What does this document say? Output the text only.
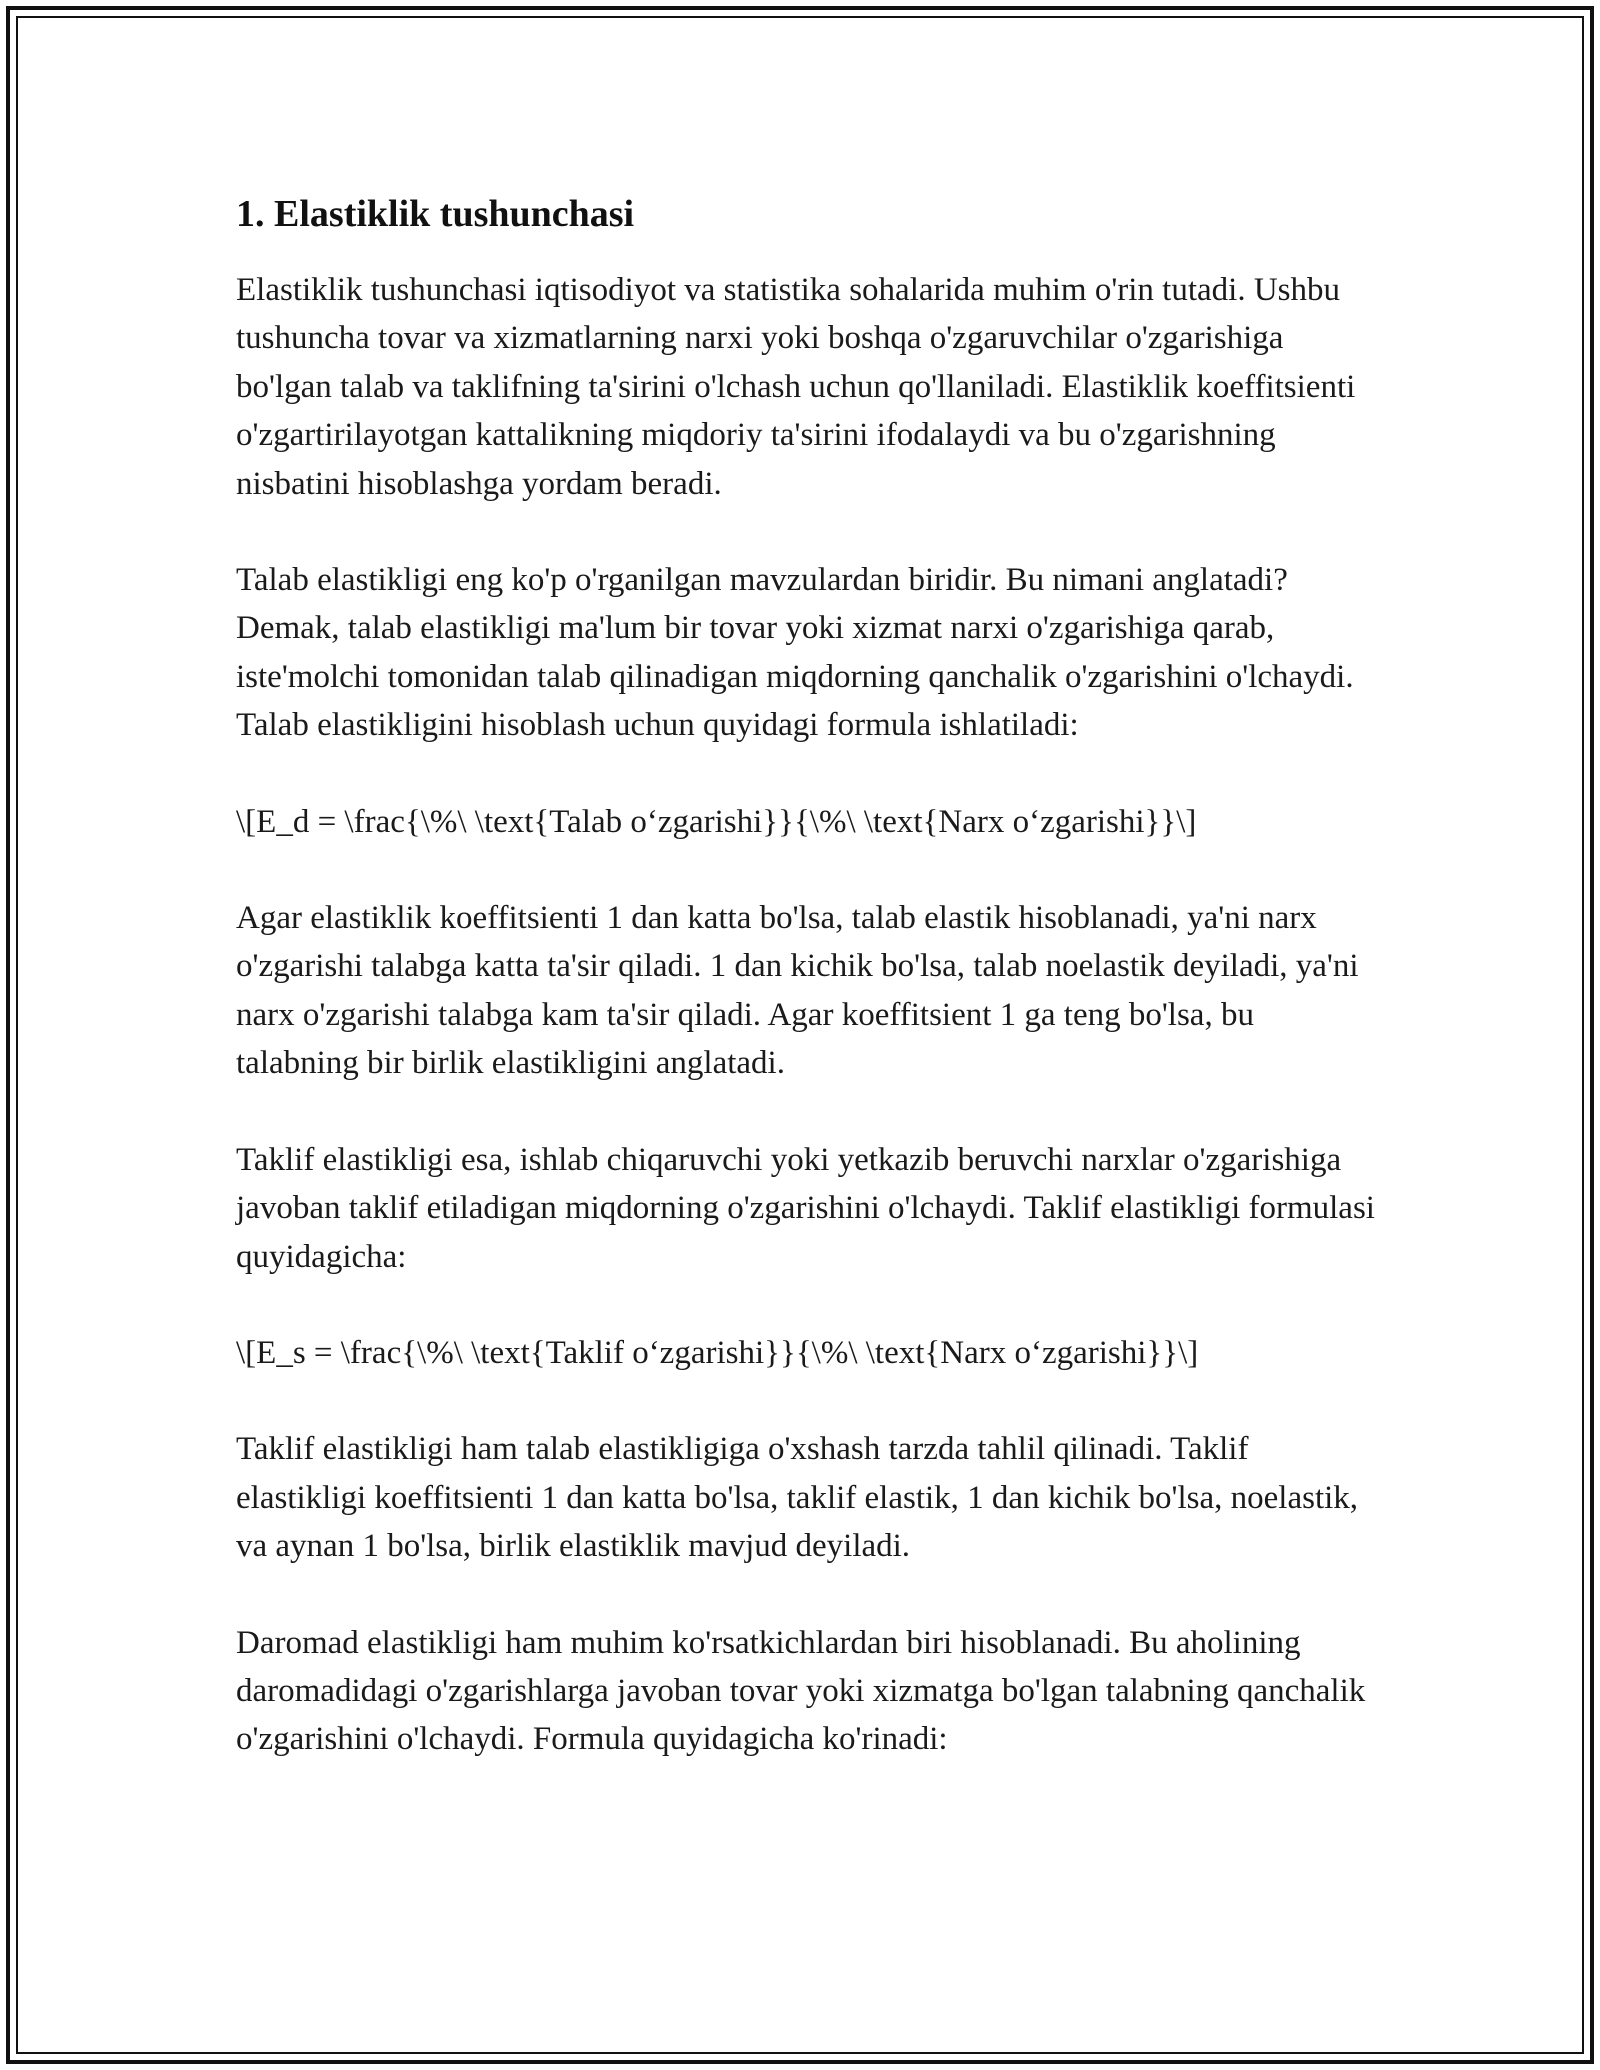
1. Elastiklik tushunchasi

Elastiklik tushunchasi iqtisodiyot va statistika sohalarida muhim o'rin tutadi. Ushbu tushuncha tovar va xizmatlarning narxi yoki boshqa o'zgaruvchilar o'zgarishiga bo'lgan talab va taklifning ta'sirini o'lchash uchun qo'llaniladi. Elastiklik koeffitsienti o'zgartirilayotgan kattalikning miqdoriy ta'sirini ifodalaydi va bu o'zgarishning nisbatini hisoblashga yordam beradi.

Talab elastikligi eng ko'p o'rganilgan mavzulardan biridir. Bu nimani anglatadi? Demak, talab elastikligi ma'lum bir tovar yoki xizmat narxi o'zgarishiga qarab, iste'molchi tomonidan talab qilinadigan miqdorning qanchalik o'zgarishini o'lchaydi. Talab elastikligini hisoblash uchun quyidagi formula ishlatiladi:

\[E_d = \frac{\%\ \text{Talab o‘zgarishi}}{\%\ \text{Narx o‘zgarishi}}\]

Agar elastiklik koeffitsienti 1 dan katta bo'lsa, talab elastik hisoblanadi, ya'ni narx o'zgarishi talabga katta ta'sir qiladi. 1 dan kichik bo'lsa, talab noelastik deyiladi, ya'ni narx o'zgarishi talabga kam ta'sir qiladi. Agar koeffitsient 1 ga teng bo'lsa, bu talabning bir birlik elastikligini anglatadi.

Taklif elastikligi esa, ishlab chiqaruvchi yoki yetkazib beruvchi narxlar o'zgarishiga javoban taklif etiladigan miqdorning o'zgarishini o'lchaydi. Taklif elastikligi formulasi quyidagicha:

\[E_s = \frac{\%\ \text{Taklif o‘zgarishi}}{\%\ \text{Narx o‘zgarishi}}\]

Taklif elastikligi ham talab elastikligiga o'xshash tarzda tahlil qilinadi. Taklif elastikligi koeffitsienti 1 dan katta bo'lsa, taklif elastik, 1 dan kichik bo'lsa, noelastik, va aynan 1 bo'lsa, birlik elastiklik mavjud deyiladi.

Daromad elastikligi ham muhim ko'rsatkichlardan biri hisoblanadi. Bu aholining daromadidagi o'zgarishlarga javoban tovar yoki xizmatga bo'lgan talabning qanchalik o'zgarishini o'lchaydi. Formula quyidagicha ko'rinadi:
